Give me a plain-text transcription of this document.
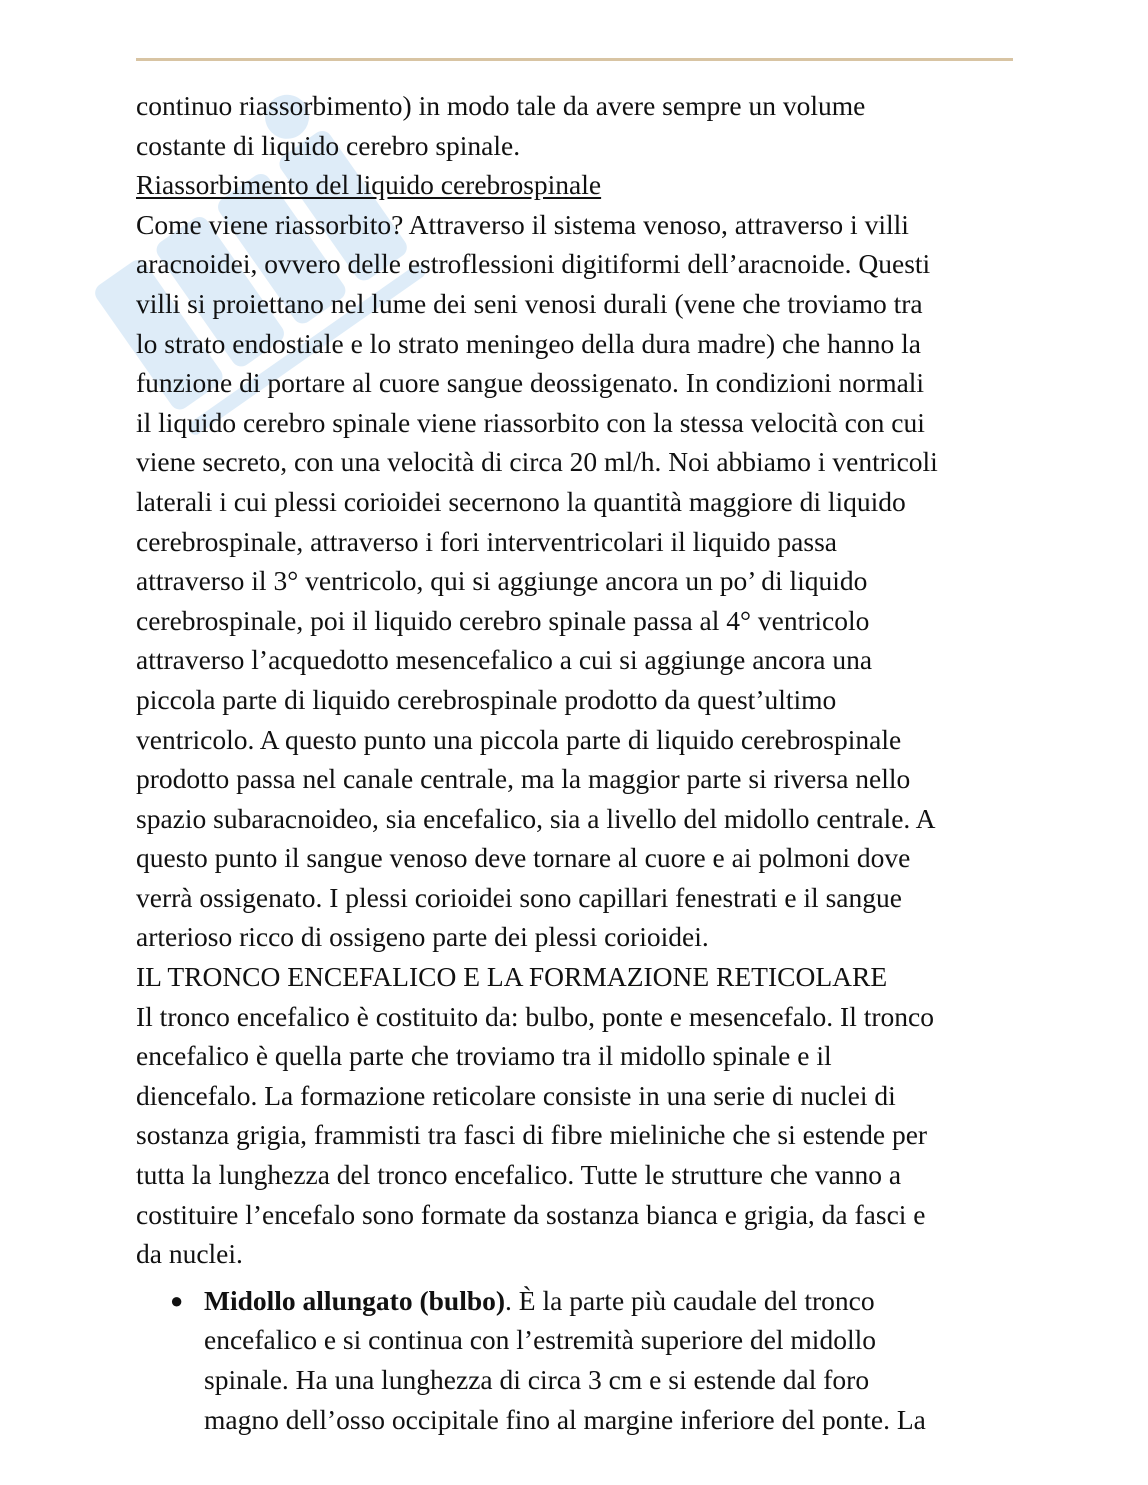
continuo riassorbimento) in modo tale da avere sempre un volume
costante di liquido cerebro spinale.

Riassorbimento del liquido cerebrospinale

Come viene riassorbito? Attraverso il sistema venoso, attraverso i villi
aracnoidei, ovvero delle estroflessioni digitiformi dell’aracnoide. Questi
villi si proiettano nel lume dei seni venosi durali (vene che troviamo tra
lo strato endostiale e lo strato meningeo della dura madre) che hanno la
funzione di portare al cuore sangue deossigenato. In condizioni normali
il liquido cerebro spinale viene riassorbito con la stessa velocità con cui
viene secreto, con una velocità di circa 20 ml/h. Noi abbiamo i ventricoli
laterali i cui plessi corioidei secernono la quantità maggiore di liquido
cerebrospinale, attraverso i fori interventricolari il liquido passa
attraverso il 3° ventricolo, qui si aggiunge ancora un po’ di liquido
cerebrospinale, poi il liquido cerebro spinale passa al 4° ventricolo
attraverso l’acquedotto mesencefalico a cui si aggiunge ancora una
piccola parte di liquido cerebrospinale prodotto da quest’ultimo
ventricolo. A questo punto una piccola parte di liquido cerebrospinale
prodotto passa nel canale centrale, ma la maggior parte si riversa nello
spazio subaracnoideo, sia encefalico, sia a livello del midollo centrale. A
questo punto il sangue venoso deve tornare al cuore e ai polmoni dove
verrà ossigenato. I plessi corioidei sono capillari fenestrati e il sangue
arterioso ricco di ossigeno parte dei plessi corioidei.

IL TRONCO ENCEFALICO E LA FORMAZIONE RETICOLARE

Il tronco encefalico è costituito da: bulbo, ponte e mesencefalo. Il tronco
encefalico è quella parte che troviamo tra il midollo spinale e il
diencefalo. La formazione reticolare consiste in una serie di nuclei di
sostanza grigia, frammisti tra fasci di fibre mieliniche che si estende per
tutta la lunghezza del tronco encefalico. Tutte le strutture che vanno a
costituire l’encefalo sono formate da sostanza bianca e grigia, da fasci e
da nuclei.

● Midollo allungato (bulbo). È la parte più caudale del tronco
encefalico e si continua con l’estremità superiore del midollo
spinale. Ha una lunghezza di circa 3 cm e si estende dal foro
magno dell’osso occipitale fino al margine inferiore del ponte. La
